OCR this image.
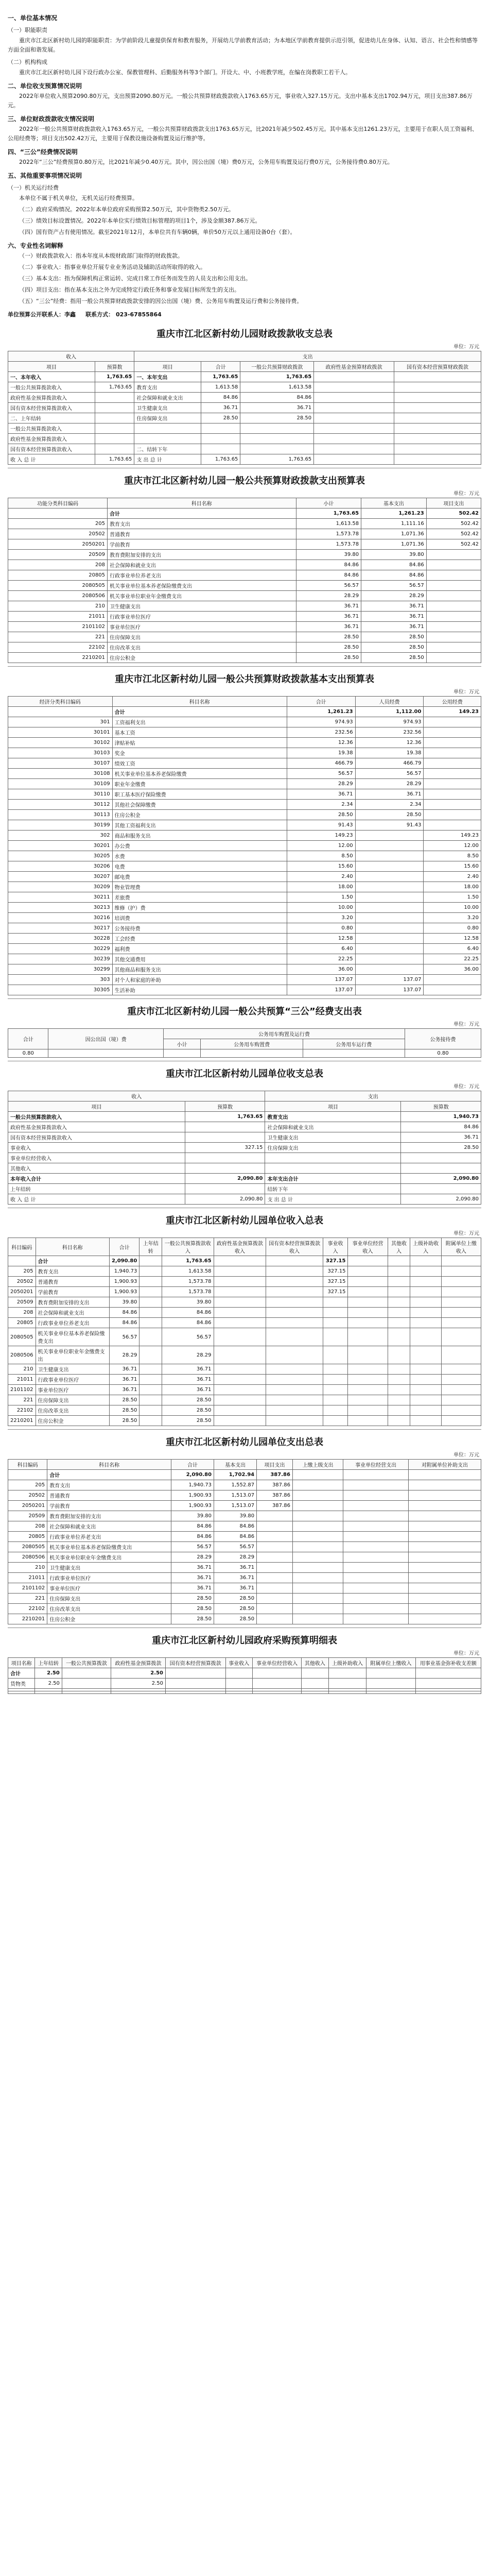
一、单位基本情况
（一）职能职责
重庆市江北区新村幼儿园的职能职责：为学前阶段儿童提供保育和教育服务，开展幼儿学前教育活动；为本地区学前教育提供示范引领，促进幼儿在身体、认知、语言、社会性和情感等方面全面和谐发展。
（二）机构构成
重庆市江北区新村幼儿园下设行政办公室、保教管理科、后勤服务科等3个部门。开设大、中、小班教学班，在编在岗教职工若干人。
二、单位收支预算情况说明
2022年单位收入预算2090.80万元，支出预算2090.80万元。一般公共预算财政拨款收入1763.65万元，事业收入327.15万元。支出中基本支出1702.94万元，项目支出387.86万元。
三、单位财政拨款收支情况说明
2022年一般公共预算财政拨款收入1763.65万元，一般公共预算财政拨款支出1763.65万元，比2021年减少502.45万元。其中基本支出1261.23万元，主要用于在职人员工资福利、公用经费等；项目支出502.42万元，主要用于保教设施设备购置及运行维护等。
四、“三公”经费情况说明
2022年“三公”经费预算0.80万元，比2021年减少0.40万元。其中，因公出国（境）费0万元，公务用车购置及运行费0万元，公务接待费0.80万元。
五、其他重要事项情况说明
（一）机关运行经费
本单位不属于机关单位，无机关运行经费预算。
（二）政府采购情况。2022年本单位政府采购预算2.50万元，其中货物类2.50万元。
（三）绩效目标设置情况。2022年本单位实行绩效目标管理的项目1个，涉及金额387.86万元。
（四）国有资产占有使用情况。截至2021年12月，本单位共有车辆0辆，单价50万元以上通用设备0台（套）。
六、专业性名词解释
（一）财政拨款收入：指本年度从本级财政部门取得的财政拨款。
（二）事业收入：指事业单位开展专业业务活动及辅助活动所取得的收入。
（三）基本支出：指为保障机构正常运转、完成日常工作任务而发生的人员支出和公用支出。
（四）项目支出：指在基本支出之外为完成特定行政任务和事业发展目标所发生的支出。
（五）“三公”经费：指用一般公共预算财政拨款安排的因公出国（境）费、公务用车购置及运行费和公务接待费。
单位预算公开联系人：李鑫 联系方式： 023-67855864
重庆市江北区新村幼儿园财政拨款收支总表
单位：万元
收入		支出				
项目	预算数	项目	合计	一般公共预算财政拨款	政府性基金预算财政拨款	国有资本经营预算财政拨款
一、本年收入	1,763.65	一、本年支出	1,763.65	1,763.65		
一般公共预算拨款收入	1,763.65	教育支出	1,613.58	1,613.58		
政府性基金预算拨款收入		社会保障和就业支出	84.86	84.86		
国有资本经营预算拨款收入		卫生健康支出	36.71	36.71		
二、上年结转		住房保障支出	28.50	28.50		
一般公共预算拨款收入						
政府性基金预算拨款收入						
国有资本经营预算拨款收入		二、结转下年				
收 入 总 计	1,763.65	支 出 总 计	1,763.65	1,763.65		
重庆市江北区新村幼儿园一般公共预算财政拨款支出预算表
单位：万元
功能分类科目编码	科目名称	小计	基本支出	项目支出
	合计	1,763.65	1,261.23	502.42
205	教育支出	1,613.58	1,111.16	502.42
20502	普通教育	1,573.78	1,071.36	502.42
2050201	学前教育	1,573.78	1,071.36	502.42
20509	教育费附加安排的支出	39.80	39.80	
208	社会保障和就业支出	84.86	84.86	
20805	行政事业单位养老支出	84.86	84.86	
2080505	机关事业单位基本养老保险缴费支出	56.57	56.57	
2080506	机关事业单位职业年金缴费支出	28.29	28.29	
210	卫生健康支出	36.71	36.71	
21011	行政事业单位医疗	36.71	36.71	
2101102	事业单位医疗	36.71	36.71	
221	住房保障支出	28.50	28.50	
22102	住房改革支出	28.50	28.50	
2210201	住房公积金	28.50	28.50	
重庆市江北区新村幼儿园一般公共预算财政拨款基本支出预算表
单位：万元
经济分类科目编码	科目名称	合计	人员经费	公用经费
	合计	1,261.23	1,112.00	149.23
301	工资福利支出	974.93	974.93	
30101	基本工资	232.56	232.56	
30102	津贴补贴	12.36	12.36	
30103	奖金	19.38	19.38	
30107	绩效工资	466.79	466.79	
30108	机关事业单位基本养老保险缴费	56.57	56.57	
30109	职业年金缴费	28.29	28.29	
30110	职工基本医疗保险缴费	36.71	36.71	
30112	其他社会保障缴费	2.34	2.34	
30113	住房公积金	28.50	28.50	
30199	其他工资福利支出	91.43	91.43	
302	商品和服务支出	149.23		149.23
30201	办公费	12.00		12.00
30205	水费	8.50		8.50
30206	电费	15.60		15.60
30207	邮电费	2.40		2.40
30209	物业管理费	18.00		18.00
30211	差旅费	1.50		1.50
30213	维修（护）费	10.00		10.00
30216	培训费	3.20		3.20
30217	公务接待费	0.80		0.80
30228	工会经费	12.58		12.58
30229	福利费	6.40		6.40
30239	其他交通费用	22.25		22.25
30299	其他商品和服务支出	36.00		36.00
303	对个人和家庭的补助	137.07	137.07	
30305	生活补助	137.07	137.07	
重庆市江北区新村幼儿园一般公共预算“三公”经费支出表
单位：万元
合计	因公出国（境）费	公务用车购置及运行费			公务接待费
		小计	公务用车购置费	公务用车运行费	
0.80					0.80
重庆市江北区新村幼儿园单位收支总表
单位：万元
收入		支出	
项目	预算数	项目	预算数
一般公共预算拨款收入	1,763.65	教育支出	1,940.73
政府性基金预算拨款收入		社会保障和就业支出	84.86
国有资本经营预算拨款收入		卫生健康支出	36.71
事业收入	327.15	住房保障支出	28.50
事业单位经营收入			
其他收入			
本年收入合计	2,090.80	本年支出合计	2,090.80
上年结转		结转下年	
收 入 总 计	2,090.80	支 出 总 计	2,090.80
重庆市江北区新村幼儿园单位收入总表
单位：万元
科目编码	科目名称	合计	上年结转	一般公共预算拨款收入	政府性基金预算拨款收入	国有资本经营预算拨款收入	事业收入	事业单位经营收入	其他收入	上级补助收入	附属单位上缴收入
	合计	2,090.80		1,763.65			327.15				
205	教育支出	1,940.73		1,613.58			327.15				
20502	普通教育	1,900.93		1,573.78			327.15				
2050201	学前教育	1,900.93		1,573.78			327.15				
20509	教育费附加安排的支出	39.80		39.80							
208	社会保障和就业支出	84.86		84.86							
20805	行政事业单位养老支出	84.86		84.86							
2080505	机关事业单位基本养老保险缴费支出	56.57		56.57							
2080506	机关事业单位职业年金缴费支出	28.29		28.29							
210	卫生健康支出	36.71		36.71							
21011	行政事业单位医疗	36.71		36.71							
2101102	事业单位医疗	36.71		36.71							
221	住房保障支出	28.50		28.50							
22102	住房改革支出	28.50		28.50							
2210201	住房公积金	28.50		28.50							
重庆市江北区新村幼儿园单位支出总表
单位：万元
科目编码	科目名称	合计	基本支出	项目支出	上缴上级支出	事业单位经营支出	对附属单位补助支出
	合计	2,090.80	1,702.94	387.86			
205	教育支出	1,940.73	1,552.87	387.86			
20502	普通教育	1,900.93	1,513.07	387.86			
2050201	学前教育	1,900.93	1,513.07	387.86			
20509	教育费附加安排的支出	39.80	39.80				
208	社会保障和就业支出	84.86	84.86				
20805	行政事业单位养老支出	84.86	84.86				
2080505	机关事业单位基本养老保险缴费支出	56.57	56.57				
2080506	机关事业单位职业年金缴费支出	28.29	28.29				
210	卫生健康支出	36.71	36.71				
21011	行政事业单位医疗	36.71	36.71				
2101102	事业单位医疗	36.71	36.71				
221	住房保障支出	28.50	28.50				
22102	住房改革支出	28.50	28.50				
2210201	住房公积金	28.50	28.50				
重庆市江北区新村幼儿园政府采购预算明细表
单位：万元
项目名称	上年结转	一般公共预算拨款	政府性基金预算拨款	国有资本经营预算拨款	事业收入	事业单位经营收入	其他收入	上级补助收入	附属单位上缴收入	用事业基金弥补收支差额
合计	2.50		2.50							
货物类	2.50		2.50							
